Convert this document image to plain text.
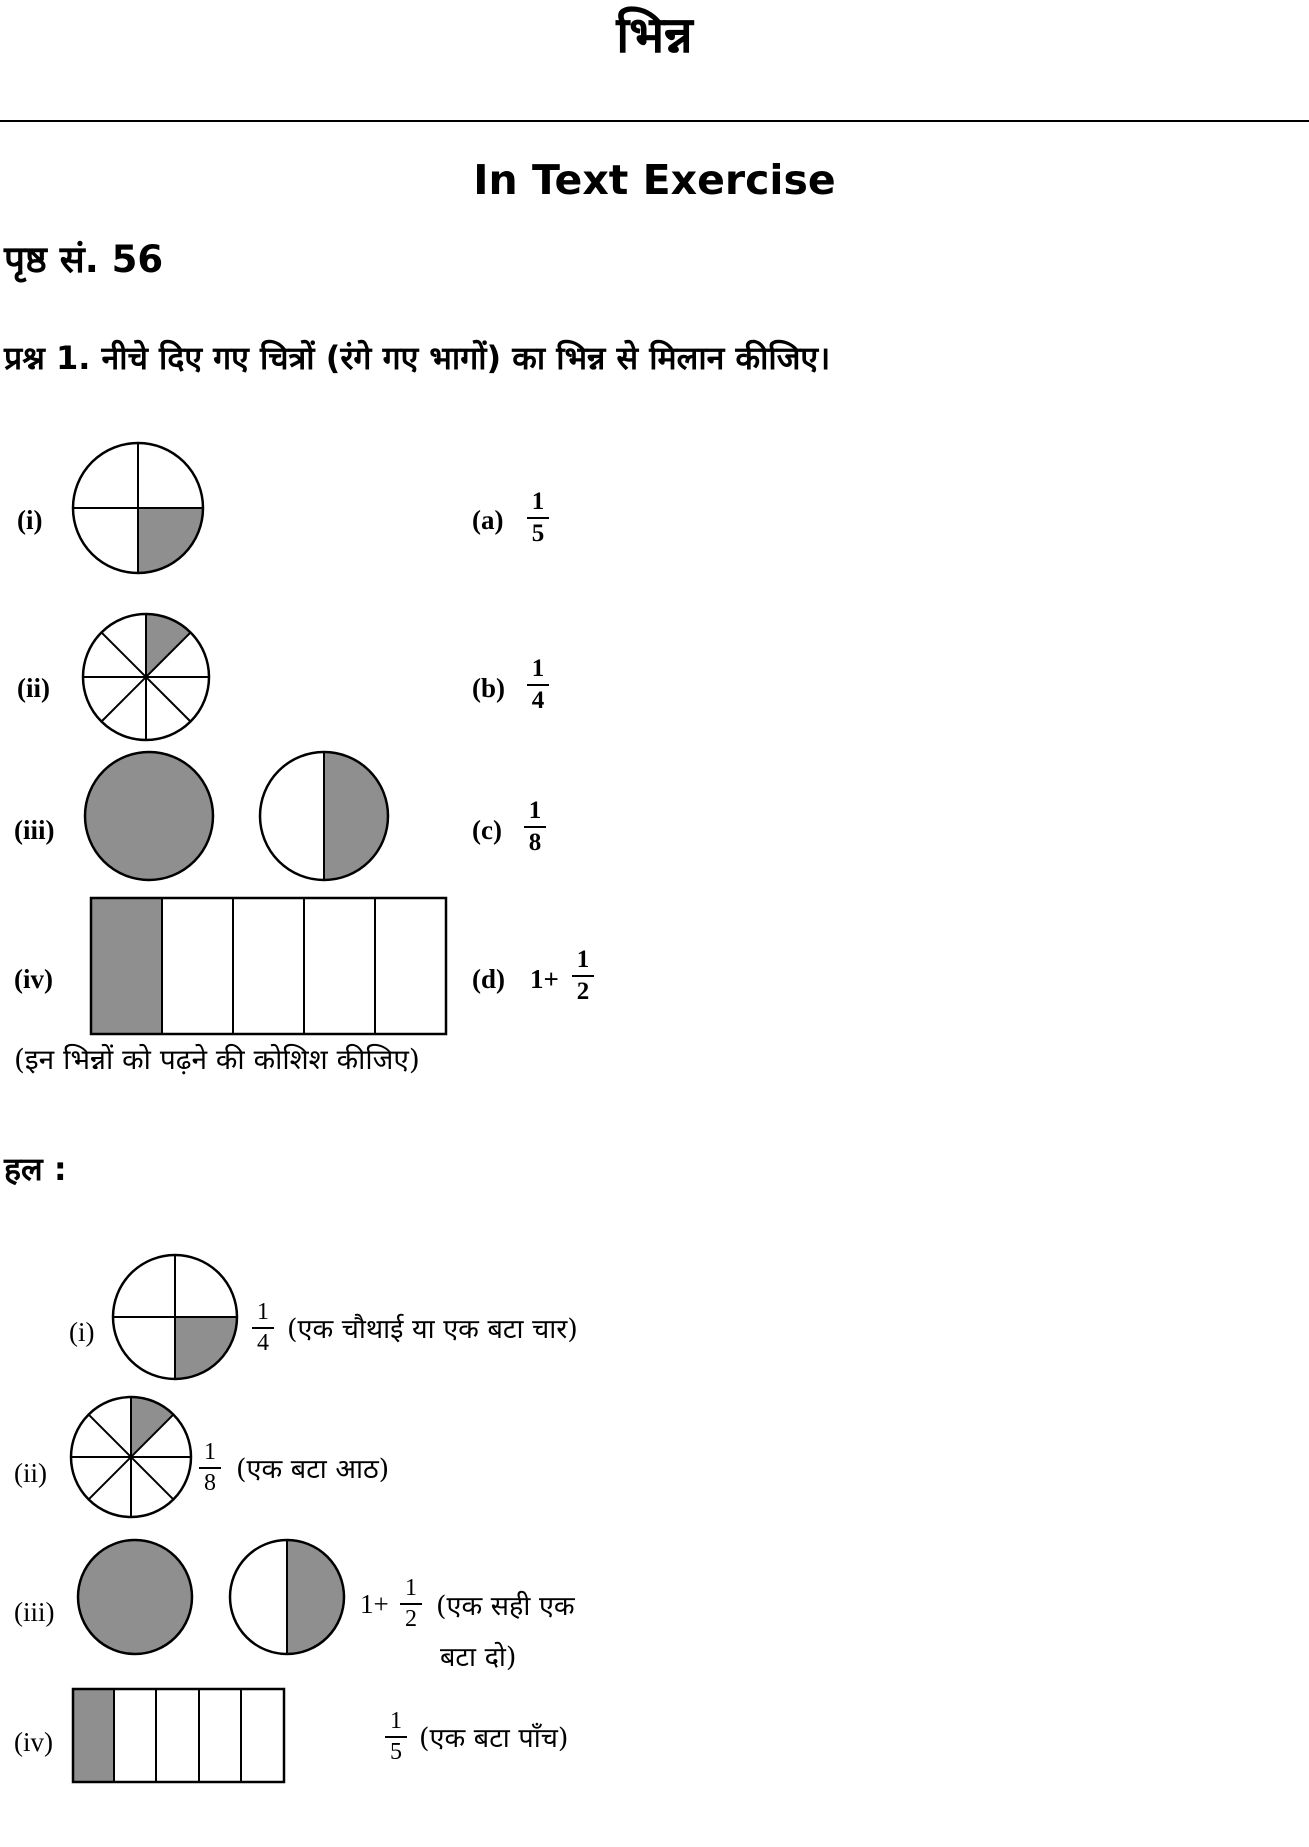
भिन्न
In Text Exercise
पृष्ठ सं. 56
प्रश्न 1. नीचे दिए गए चित्रों (रंगे गए भागों) का भिन्न से मिलान कीजिए।
(i)
(ii)
(iii)
(iv)
(a)
1
5
(b)
1
4
(c)
1
8
(d) 1+
1
2
(इन भिन्नों को पढ़ने की कोशिश कीजिए)
हल :
(i)
1
4 (एक चौथाई या एक बटा चार)
(ii)
1
8 (एक बटा आठ)
(iii)	1+
1
2 (एक सही एक
बटा दो)
(iv)
1
5 (एक बटा पाँच)
